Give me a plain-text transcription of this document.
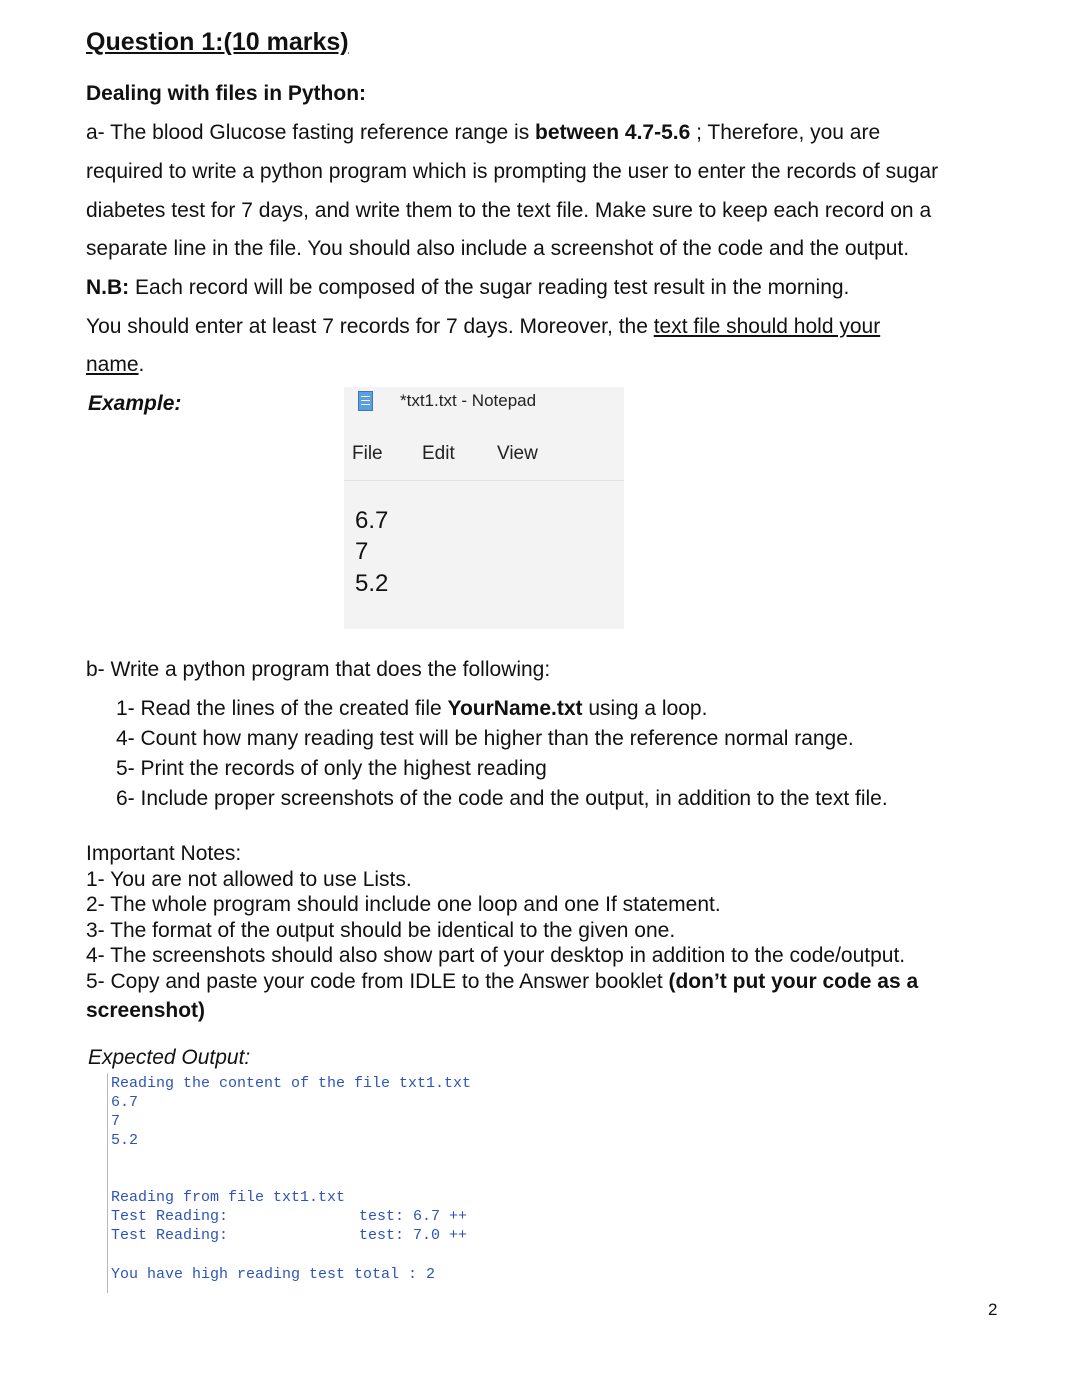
Question 1:(10 marks)
Dealing with files in Python:
a- The blood Glucose fasting reference range is between 4.7-5.6 ; Therefore, you are
required to write a python program which is prompting the user to enter the records of sugar
diabetes test for 7 days, and write them to the text file. Make sure to keep each record on a
separate line in the file. You should also include a screenshot of the code and the output.
N.B: Each record will be composed of the sugar reading test result in the morning.
You should enter at least 7 records for 7 days. Moreover, the text file should hold your
name.
Example:	*txt1.txt - Notepad
File Edit View
6.7
7
5.2
b- Write a python program that does the following:
1- Read the lines of the created file YourName.txt using a loop.
4- Count how many reading test will be higher than the reference normal range.
5- Print the records of only the highest reading
6- Include proper screenshots of the code and the output, in addition to the text file.
Important Notes:
1- You are not allowed to use Lists.
2- The whole program should include one loop and one If statement.
3- The format of the output should be identical to the given one.
4- The screenshots should also show part of your desktop in addition to the code/output.
5- Copy and paste your code from IDLE to the Answer booklet (don’t put your code as a
screenshot)
Expected Output:
Reading the content of the file txt1.txt
6.7
7
5.2
Reading from file txt1.txt
Test Reading:	test: 6.7 ++
Test Reading:	test: 7.0 ++
You have high reading test total : 2
2
